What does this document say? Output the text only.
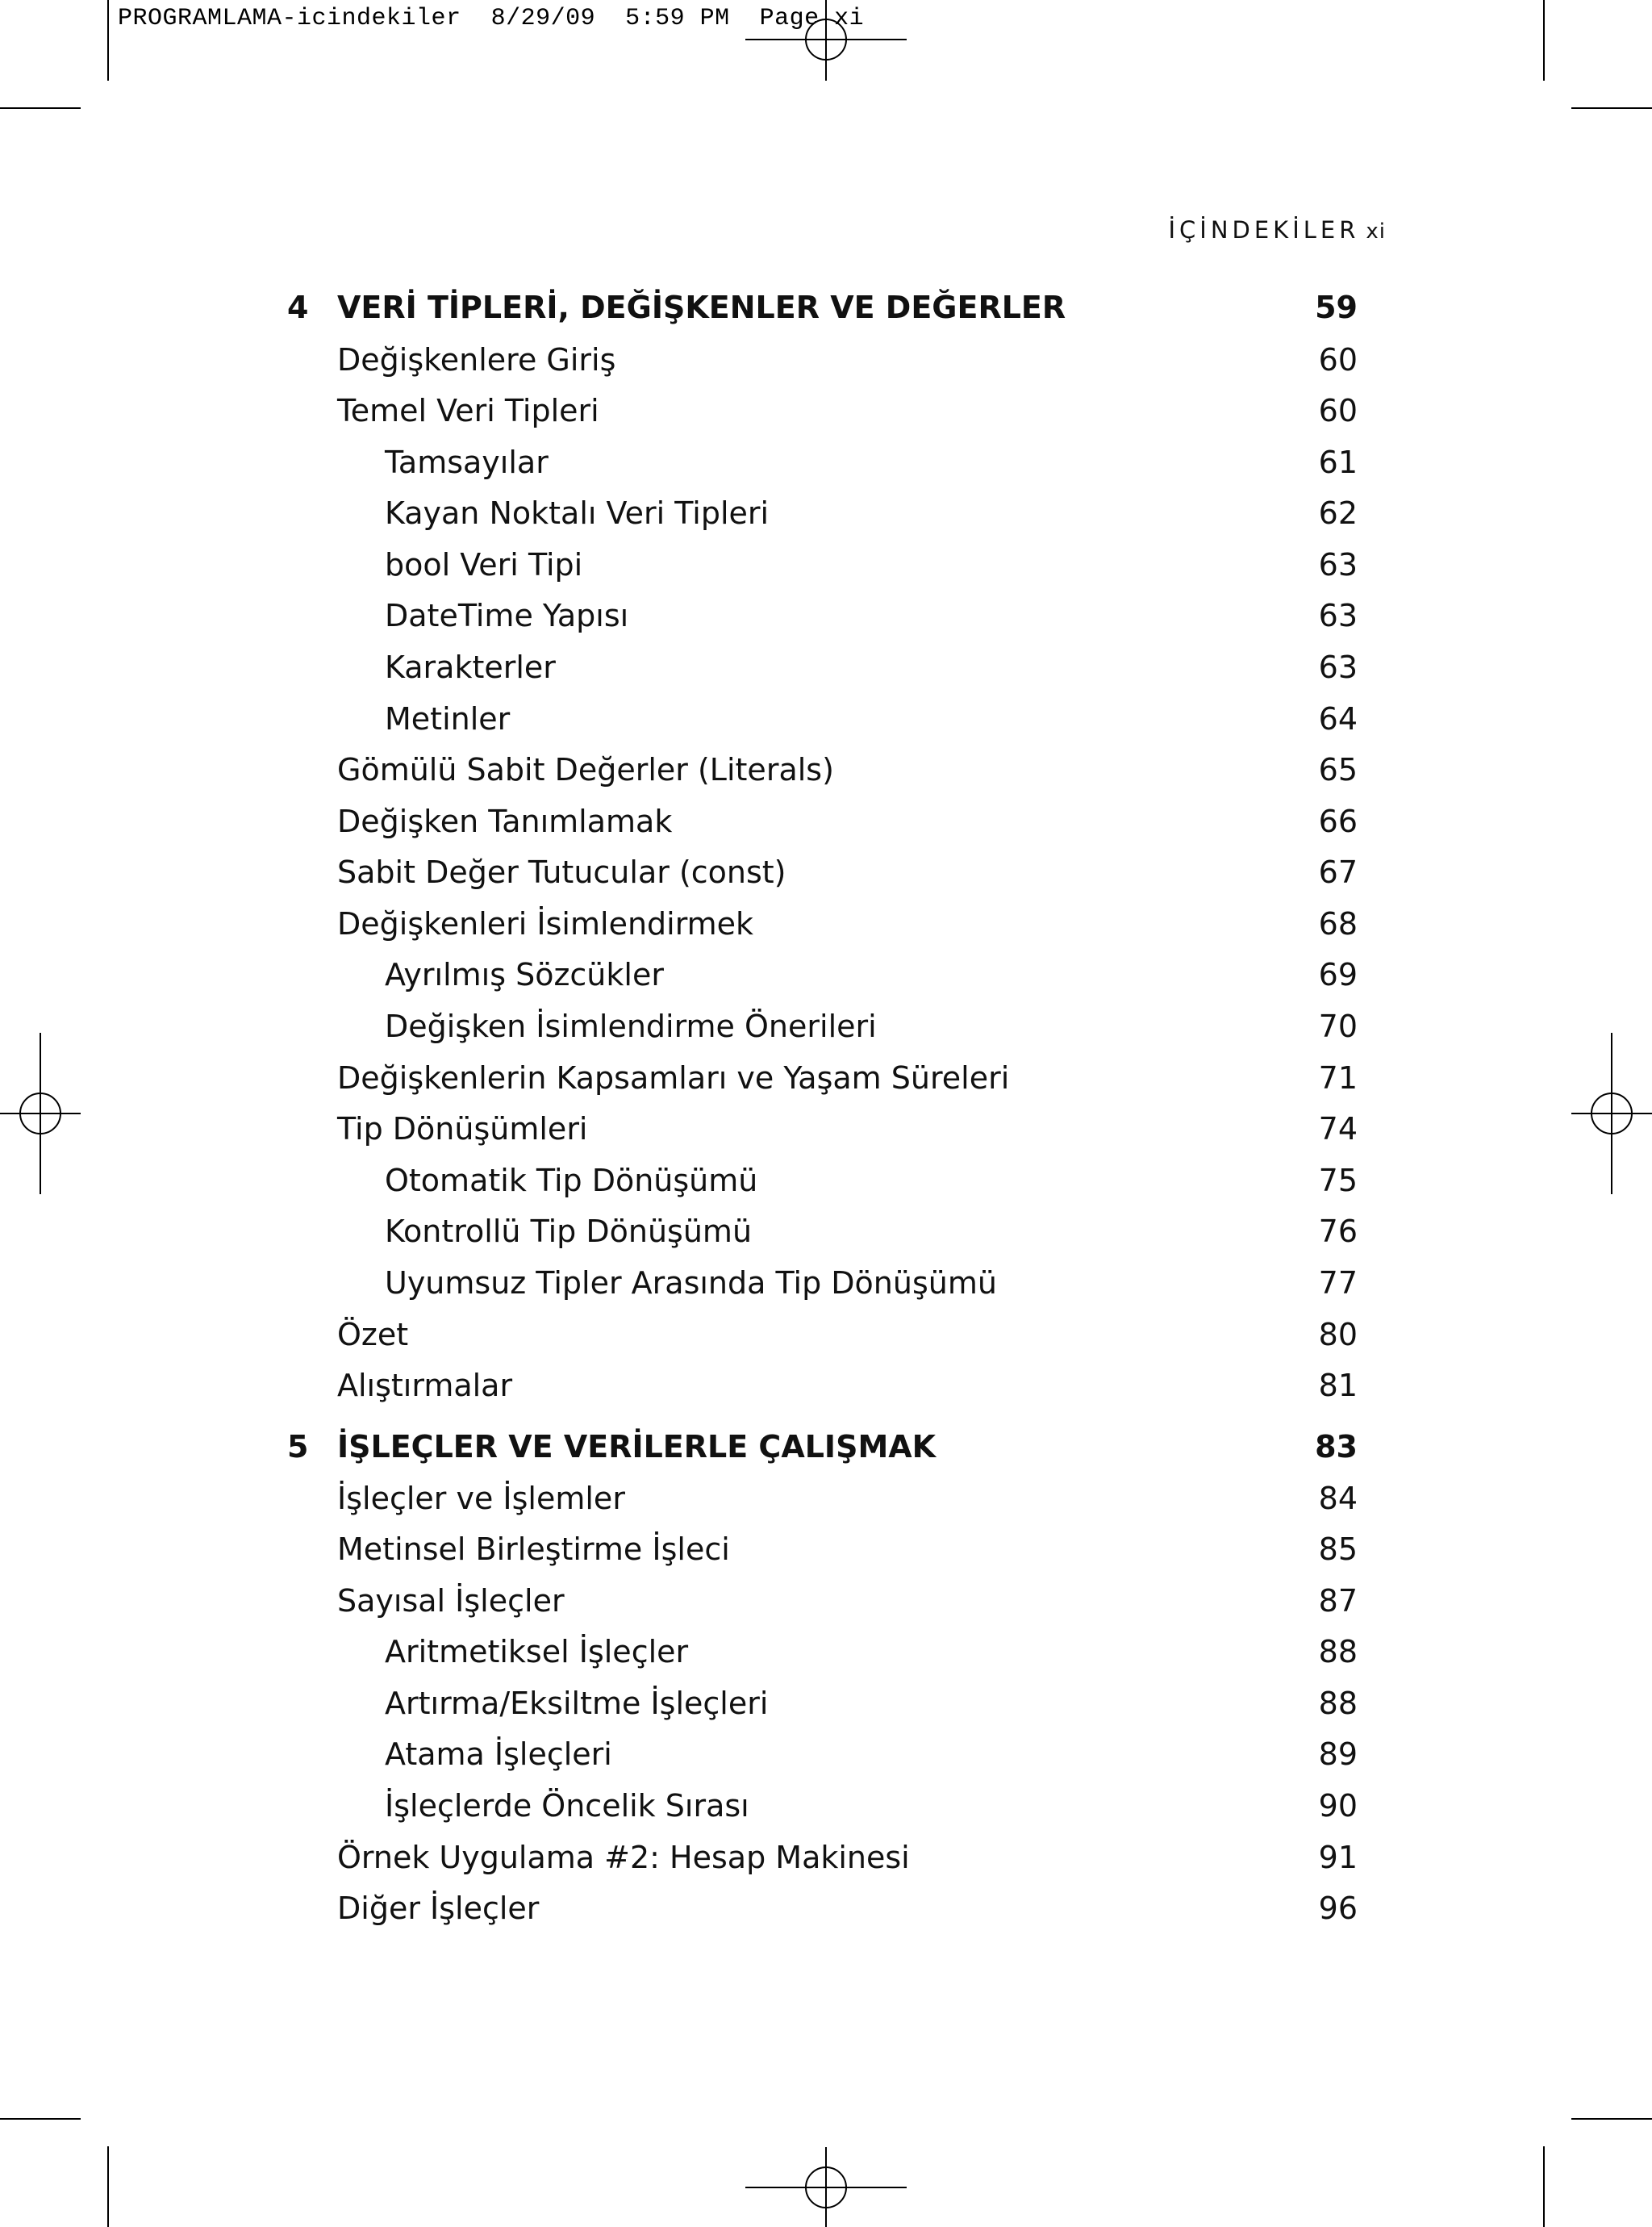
PROGRAMLAMA-icindekiler  8/29/09  5:59 PM  Page xi
İÇİNDEKİLER xi
4 VERİ TİPLERİ, DEĞİŞKENLER VE DEĞERLER	59
Değişkenlere Giriş	60
Temel Veri Tipleri	60
Tamsayılar	61
Kayan Noktalı Veri Tipleri	62
bool Veri Tipi	63
DateTime Yapısı	63
Karakterler	63
Metinler	64
Gömülü Sabit Değerler (Literals)	65
Değişken Tanımlamak	66
Sabit Değer Tutucular (const)	67
Değişkenleri İsimlendirmek	68
Ayrılmış Sözcükler	69
Değişken İsimlendirme Önerileri	70
Değişkenlerin Kapsamları ve Yaşam Süreleri	71
Tip Dönüşümleri	74
Otomatik Tip Dönüşümü	75
Kontrollü Tip Dönüşümü	76
Uyumsuz Tipler Arasında Tip Dönüşümü	77
Özet	80
Alıştırmalar	81
5 İŞLEÇLER VE VERİLERLE ÇALIŞMAK	83
İşleçler ve İşlemler	84
Metinsel Birleştirme İşleci	85
Sayısal İşleçler	87
Aritmetiksel İşleçler	88
Artırma/Eksiltme İşleçleri	88
Atama İşleçleri	89
İşleçlerde Öncelik Sırası	90
Örnek Uygulama #2: Hesap Makinesi	91
Diğer İşleçler	96
